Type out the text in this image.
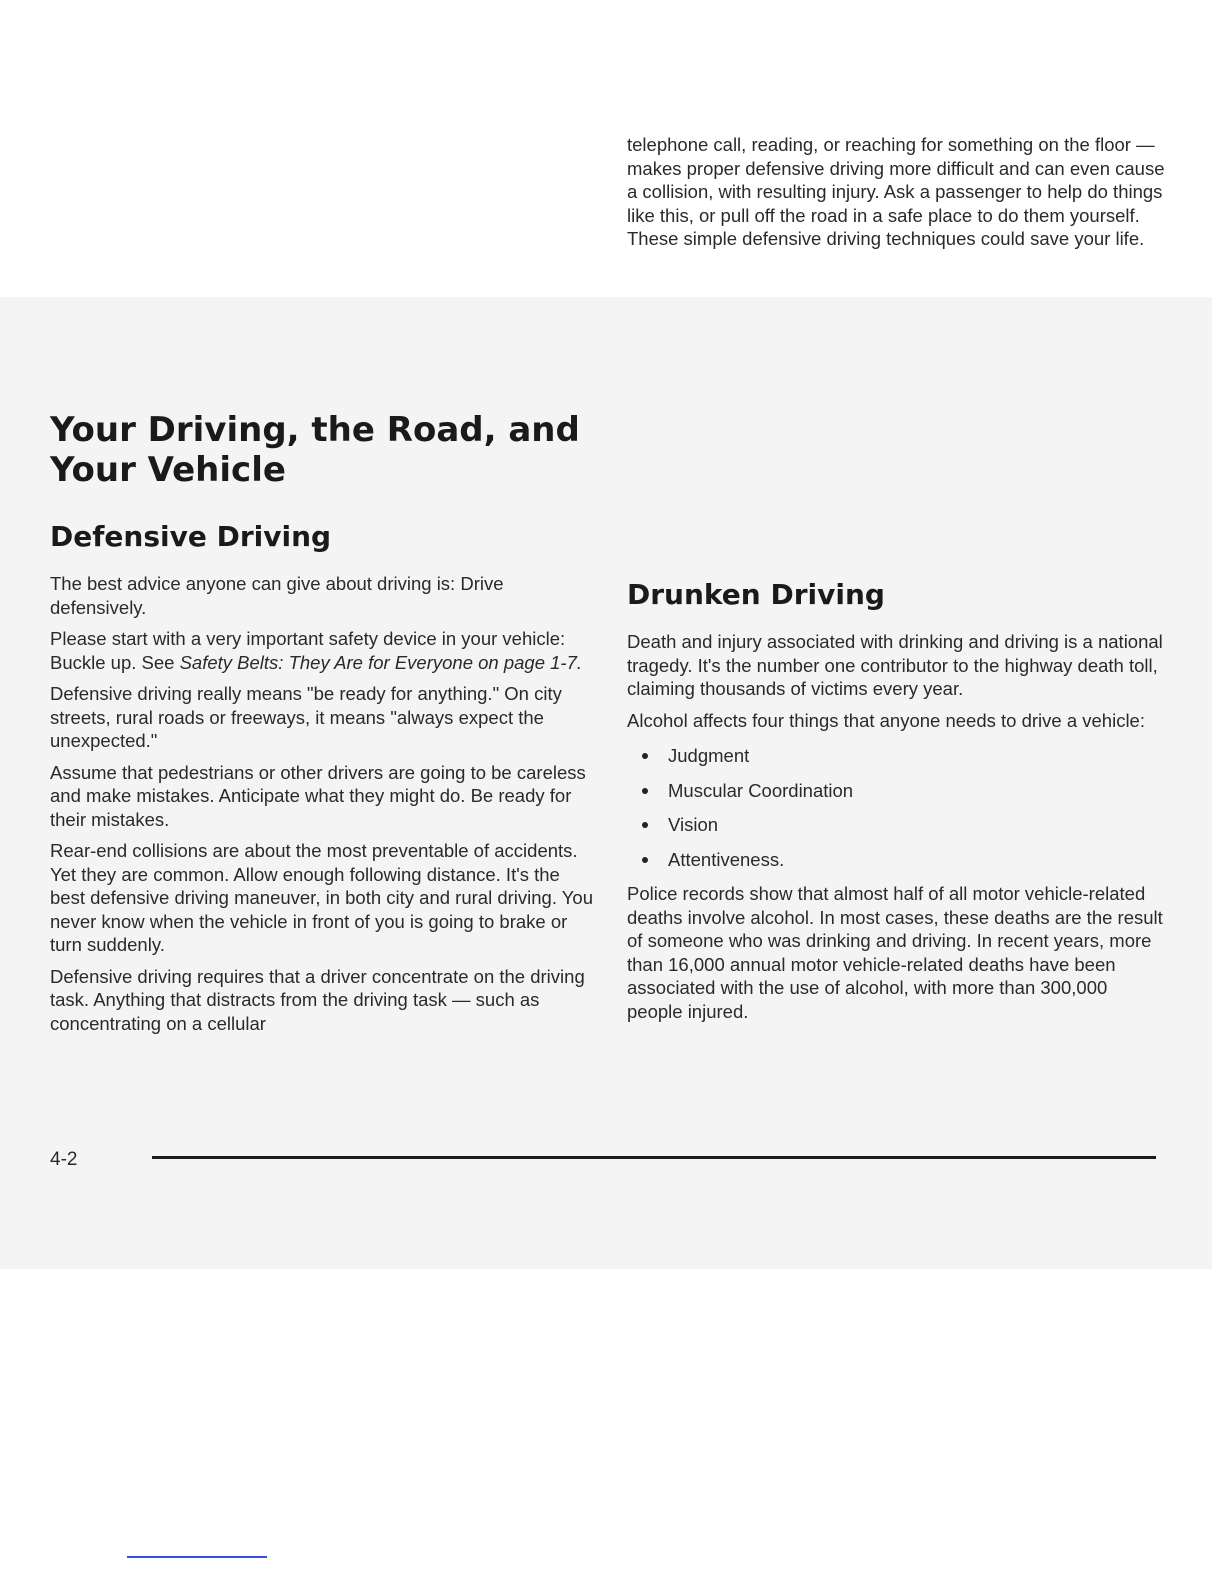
Your Driving, the Road, and Your Vehicle
Defensive Driving

The best advice anyone can give about driving is: Drive defensively.

Please start with a very important safety device in your vehicle: Buckle up. See Safety Belts: They Are for Everyone on page 1-7.

Defensive driving really means "be ready for anything." On city streets, rural roads or freeways, it means "always expect the unexpected."

Assume that pedestrians or other drivers are going to be careless and make mistakes. Anticipate what they might do. Be ready for their mistakes.

Rear-end collisions are about the most preventable of accidents. Yet they are common. Allow enough following distance. It's the best defensive driving maneuver, in both city and rural driving. You never know when the vehicle in front of you is going to brake or turn suddenly.

Defensive driving requires that a driver concentrate on the driving task. Anything that distracts from the driving task — such as concentrating on a cellular

telephone call, reading, or reaching for something on the floor — makes proper defensive driving more difficult and can even cause a collision, with resulting injury. Ask a passenger to help do things like this, or pull off the road in a safe place to do them yourself. These simple defensive driving techniques could save your life.

Drunken Driving

Death and injury associated with drinking and driving is a national tragedy. It's the number one contributor to the highway death toll, claiming thousands of victims every year.

Alcohol affects four things that anyone needs to drive a vehicle:

Judgment
Muscular Coordination
Vision
Attentiveness.

Police records show that almost half of all motor vehicle-related deaths involve alcohol. In most cases, these deaths are the result of someone who was drinking and driving. In recent years, more than 16,000 annual motor vehicle-related deaths have been associated with the use of alcohol, with more than 300,000 people injured.

4-2
